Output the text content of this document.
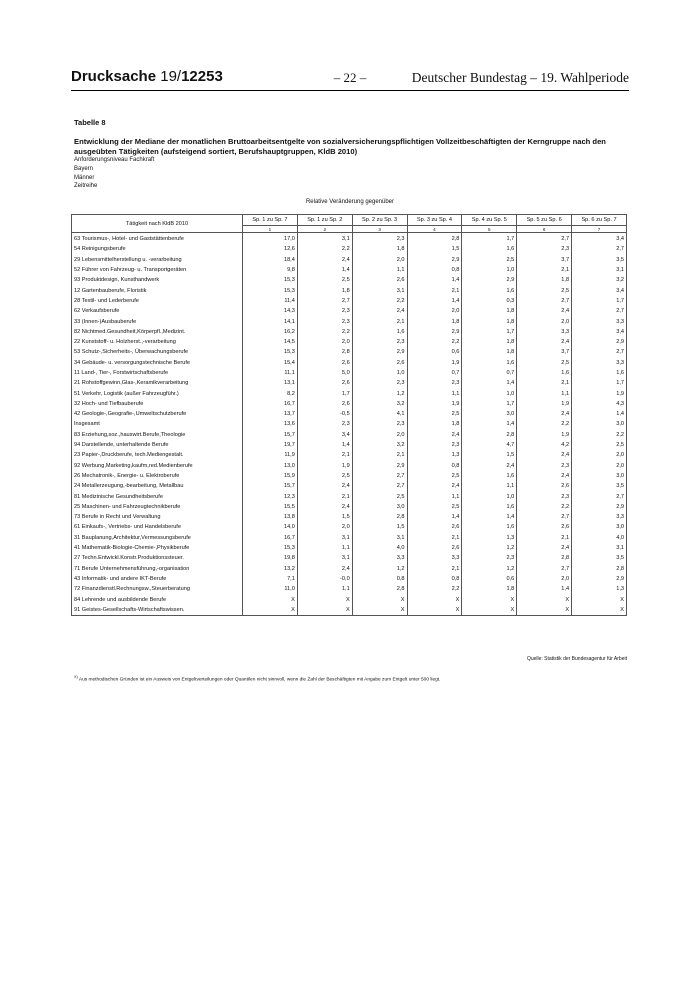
Drucksache 19/12253	– 22 –	Deutscher Bundestag – 19. Wahlperiode
Tabelle 8
Entwicklung der Mediane der monatlichen Bruttoarbeitsentgelte von sozialversicherungspflichtigen Vollzeitbeschäftigten der Kerngruppe nach den ausgeübten Tätigkeiten (aufsteigend sortiert, Berufshauptgruppen, KldB 2010)
Anforderungsniveau Fachkraft
Bayern
Männer
Zeitreihe
Relative Veränderung gegenüber
Tätigkeit nach KldB 2010	Sp. 1 zu Sp. 7	Sp. 1 zu Sp. 2	Sp. 2 zu Sp. 3	Sp. 3 zu Sp. 4	Sp. 4 zu Sp. 5	Sp. 5 zu Sp. 6	Sp. 6 zu Sp. 7
	1	2	3	4	5	6	7
63 Tourismus-, Hotel- und Gaststättenberufe	17,0	3,1	2,3	2,8	1,7	2,7	3,4
54 Reinigungsberufe	12,6	2,2	1,8	1,5	1,6	2,3	2,7
29 Lebensmittelherstellung u. -verarbeitung	18,4	2,4	2,0	2,9	2,5	3,7	3,5
52 Führer von Fahrzeug- u. Transportgeräten	9,8	1,4	1,1	0,8	1,0	2,1	3,1
93 Produktdesign, Kunsthandwerk	15,3	2,5	2,6	1,4	2,9	1,8	3,2
12 Gartenbauberufe, Floristik	15,3	1,8	3,1	2,1	1,6	2,5	3,4
28 Textil- und Lederberufe	11,4	2,7	2,2	1,4	0,3	2,7	1,7
62 Verkaufsberufe	14,3	2,3	2,4	2,0	1,8	2,4	2,7
33 (Innen-)Ausbauberufe	14,1	2,3	2,1	1,8	1,8	2,0	3,3
82 Nichtmed.Gesundheit,Körperpfl.,Medizint.	16,2	2,2	1,6	2,9	1,7	3,3	3,4
22 Kunststoff- u. Holzherst.,-verarbeitung	14,5	2,0	2,3	2,2	1,8	2,4	2,9
53 Schutz-,Sicherheits-, Überwachungsberufe	15,3	2,8	2,9	0,6	1,8	3,7	2,7
34 Gebäude- u. versorgungstechnische Berufe	15,4	2,6	2,6	1,9	1,6	2,5	3,3
11 Land-, Tier-, Forstwirtschaftsberufe	11,1	5,0	1,0	0,7	0,7	1,6	1,6
21 Rohstoffgewinn,Glas-,Keramikverarbeitung	13,1	2,6	2,3	2,3	1,4	2,1	1,7
51 Verkehr, Logistik (außer Fahrzeugführ.)	8,2	1,7	1,2	1,1	1,0	1,1	1,9
32 Hoch- und Tiefbauberufe	16,7	2,6	3,2	1,9	1,7	1,9	4,3
42 Geologie-,Geografie-,Umweltschutzberufe	13,7	-0,5	4,1	2,5	3,0	2,4	1,4
Insgesamt	13,6	2,3	2,3	1,8	1,4	2,2	3,0
83 Erziehung,soz.,hauswirt.Berufe,Theologie	15,7	3,4	2,0	2,4	2,8	1,9	2,2
94 Darstellende, unterhaltende Berufe	19,7	1,4	3,2	2,3	4,7	4,2	2,5
23 Papier-,Druckberufe, tech.Mediengestalt.	11,9	2,1	2,1	1,3	1,5	2,4	2,0
92 Werbung,Marketing,kaufm,red.Medienberufe	13,0	1,9	2,9	0,8	2,4	2,3	2,0
26 Mechatronik-, Energie- u. Elektroberufe	15,9	2,5	2,7	2,5	1,6	2,4	3,0
24 Metallerzeugung,-bearbeitung, Metallbau	15,7	2,4	2,7	2,4	1,1	2,6	3,5
81 Medizinische Gesundheitsberufe	12,3	2,1	2,5	1,1	1,0	2,3	2,7
25 Maschinen- und Fahrzeugtechnikberufe	15,5	2,4	3,0	2,5	1,6	2,2	2,9
73 Berufe in Recht und Verwaltung	13,8	1,5	2,8	1,4	1,4	2,7	3,3
61 Einkaufs-, Vertriebs- und Handelsberufe	14,0	2,0	1,5	2,6	1,6	2,6	3,0
31 Bauplanung,Architektur,Vermessungsberufe	16,7	3,1	3,1	2,1	1,3	2,1	4,0
41 Mathematik-Biologie-Chemie-,Physikberufe	15,3	1,1	4,0	2,6	1,2	2,4	3,1
27 Techn.Entwickl.Konstr.Produktionssteuer.	19,8	3,1	3,3	3,3	2,3	2,8	3,5
71 Berufe Unternehmensführung,-organisation	13,2	2,4	1,2	2,1	1,2	2,7	2,8
43 Informatik- und andere IKT-Berufe	7,1	-0,0	0,8	0,8	0,6	2,0	2,9
72 Finanzdienstl.Rechnungsw.,Steuerberatung	11,0	1,1	2,8	2,2	1,8	1,4	1,3
84 Lehrende und ausbildende Berufe	X	X	X	X	X	X	X
91 Geistes-Gesellschafts-Wirtschaftswissen.	X	X	X	X	X	X	X
Quelle: Statistik der Bundesagentur für Arbeit
$^{X)}$ Aus methodischen Gründen ist ein Ausweis von Entgeltverteilungen oder Quantilen nicht sinnvoll, wenn die Zahl der Beschäftigten mit Angabe zum Entgelt unter 500 liegt.
